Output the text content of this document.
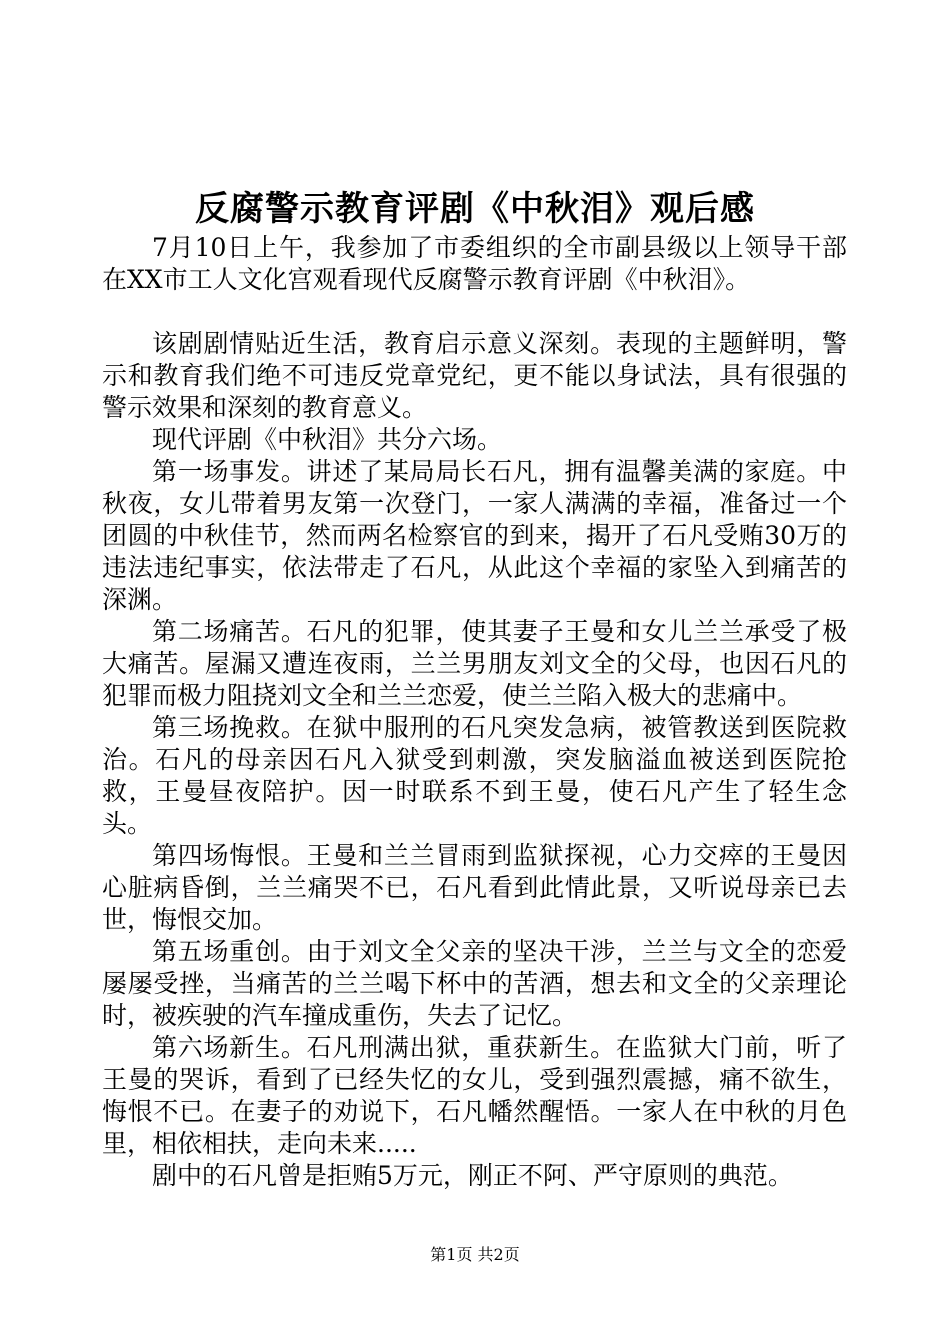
反腐警示教育评剧《中秋泪》观后感

7月10日上午，我参加了市委组织的全市副县级以上领导干部在XX市工人文化宫观看现代反腐警示教育评剧《中秋泪》。

该剧剧情贴近生活，教育启示意义深刻。表现的主题鲜明，警示和教育我们绝不可违反党章党纪，更不能以身试法，具有很强的警示效果和深刻的教育意义。

现代评剧《中秋泪》共分六场。

第一场事发。讲述了某局局长石凡，拥有温馨美满的家庭。中秋夜，女儿带着男友第一次登门，一家人满满的幸福，准备过一个团圆的中秋佳节，然而两名检察官的到来，揭开了石凡受贿30万的违法违纪事实，依法带走了石凡，从此这个幸福的家坠入到痛苦的深渊。

第二场痛苦。石凡的犯罪，使其妻子王曼和女儿兰兰承受了极大痛苦。屋漏又遭连夜雨，兰兰男朋友刘文全的父母，也因石凡的犯罪而极力阻挠刘文全和兰兰恋爱，使兰兰陷入极大的悲痛中。

第三场挽救。在狱中服刑的石凡突发急病，被管教送到医院救治。石凡的母亲因石凡入狱受到刺激，突发脑溢血被送到医院抢救，王曼昼夜陪护。因一时联系不到王曼，使石凡产生了轻生念头。

第四场悔恨。王曼和兰兰冒雨到监狱探视，心力交瘁的王曼因心脏病昏倒，兰兰痛哭不已，石凡看到此情此景，又听说母亲已去世，悔恨交加。

第五场重创。由于刘文全父亲的坚决干涉，兰兰与文全的恋爱屡屡受挫，当痛苦的兰兰喝下杯中的苦酒，想去和文全的父亲理论时，被疾驶的汽车撞成重伤，失去了记忆。

第六场新生。石凡刑满出狱，重获新生。在监狱大门前，听了王曼的哭诉，看到了已经失忆的女儿，受到强烈震撼，痛不欲生，悔恨不已。在妻子的劝说下，石凡幡然醒悟。一家人在中秋的月色里，相依相扶，走向未来.....

剧中的石凡曾是拒贿5万元，刚正不阿、严守原则的典范。

第1页 共2页
